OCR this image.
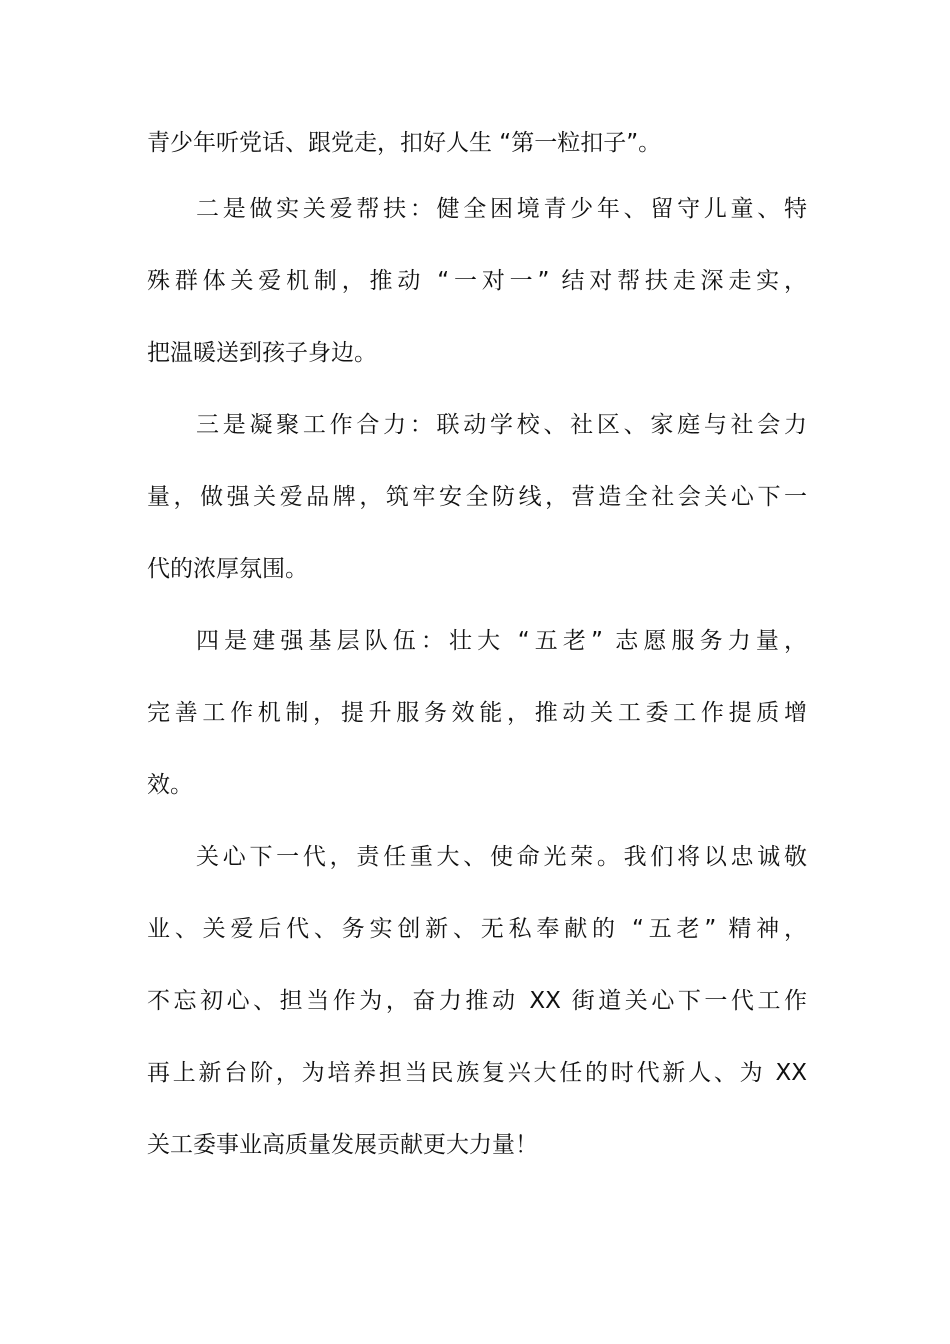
青少年听党话、跟党走，扣好人生 “第一粒扣子”。
二是做实关爱帮扶：健全困境青少年、留守儿童、特
殊群体关爱机制，推动 “一对一” 结对帮扶走深走实，
把温暖送到孩子身边。
三是凝聚工作合力：联动学校、社区、家庭与社会力
量，做强关爱品牌，筑牢安全防线，营造全社会关心下一
代的浓厚氛围。
四是建强基层队伍：壮大 “五老” 志愿服务力量，
完善工作机制，提升服务效能，推动关工委工作提质增
效。
关心下一代，责任重大、使命光荣。我们将以忠诚敬
业、关爱后代、务实创新、无私奉献的 “五老” 精神，
不忘初心、担当作为，奋力推动 XX 街道关心下一代工作
再上新台阶，为培养担当民族复兴大任的时代新人、为 XX
关工委事业高质量发展贡献更大力量！
